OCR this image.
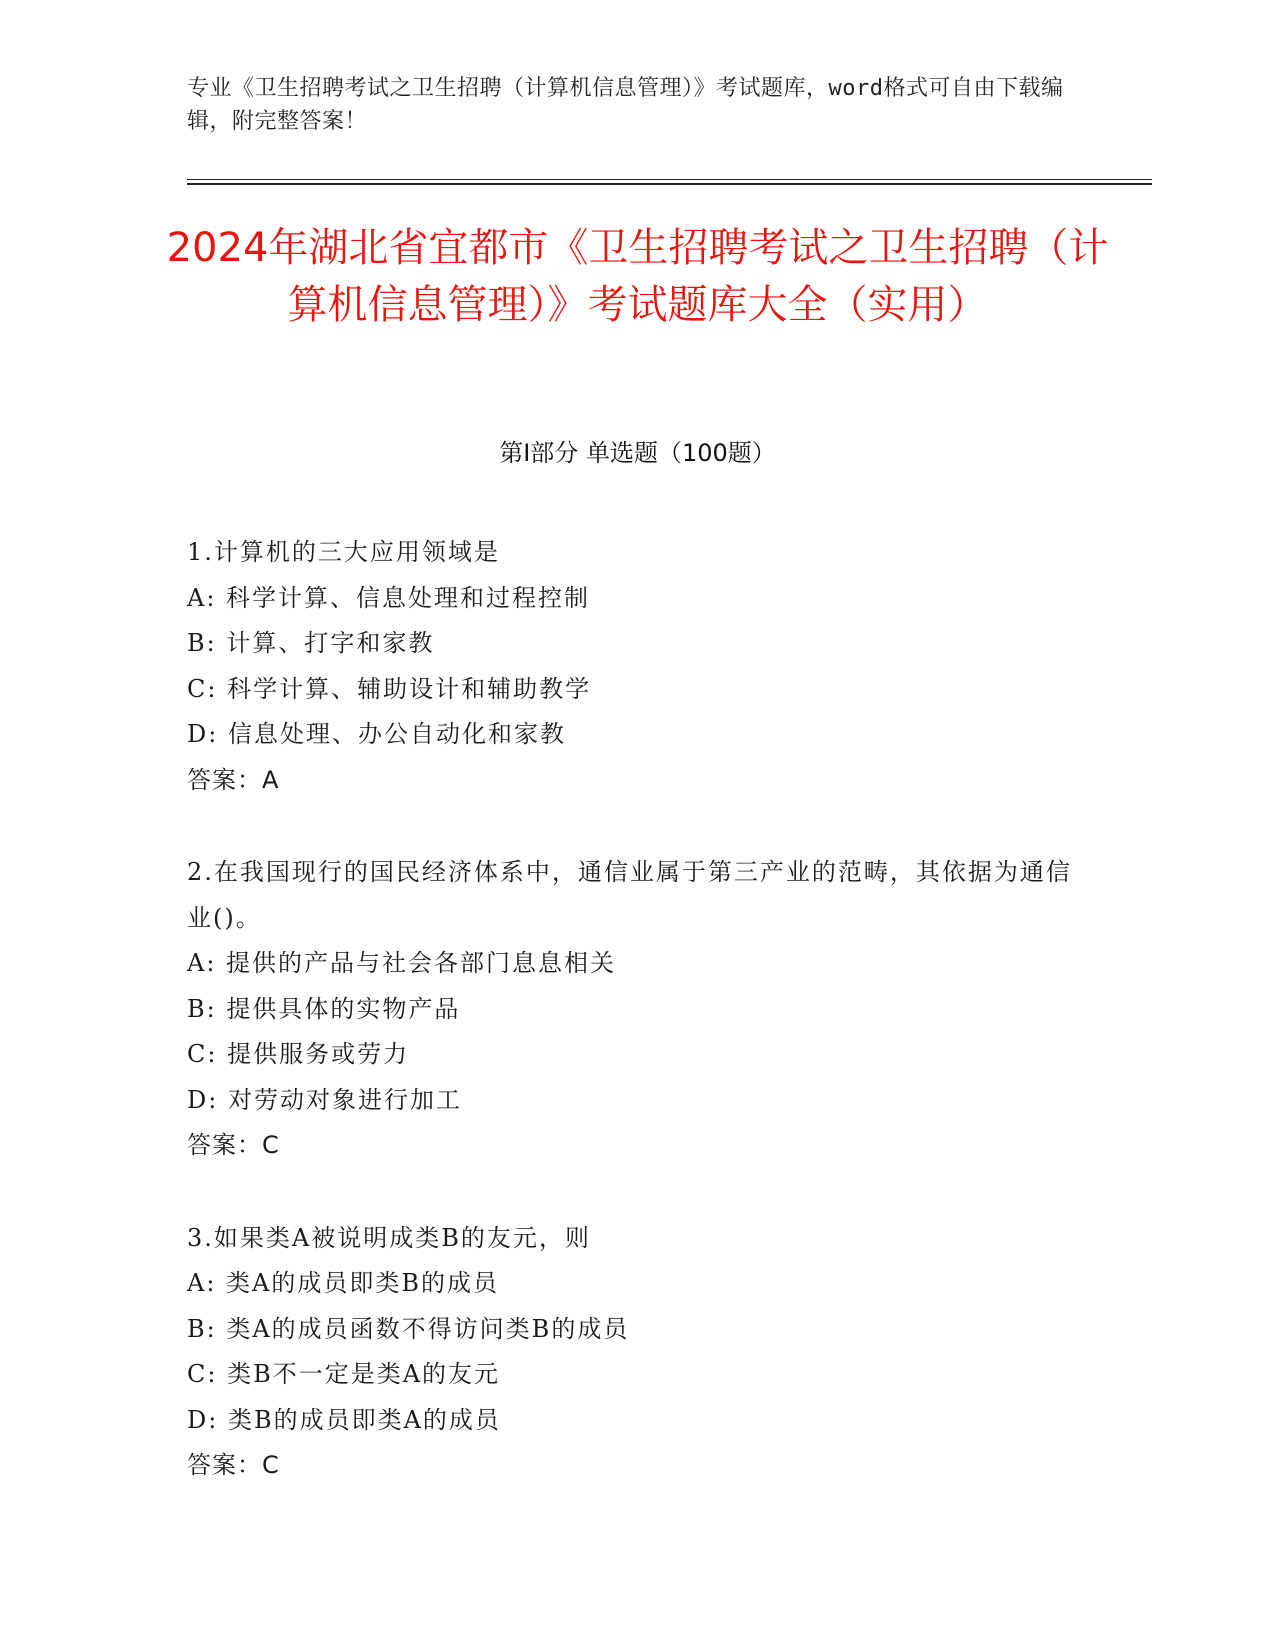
专业《卫生招聘考试之卫生招聘（计算机信息管理）》考试题库，word格式可自由下载编辑，附完整答案！
2024年湖北省宜都市《卫生招聘考试之卫生招聘（计算机信息管理）》考试题库大全（实用）
第I部分 单选题（100题）
1.计算机的三大应用领域是
A: 科学计算、信息处理和过程控制
B: 计算、打字和家教
C: 科学计算、辅助设计和辅助教学
D: 信息处理、办公自动化和家教
答案：A
2.在我国现行的国民经济体系中，通信业属于第三产业的范畴，其依据为通信业()。
A: 提供的产品与社会各部门息息相关
B: 提供具体的实物产品
C: 提供服务或劳力
D: 对劳动对象进行加工
答案：C
3.如果类A被说明成类B的友元，则
A: 类A的成员即类B的成员
B: 类A的成员函数不得访问类B的成员
C: 类B不一定是类A的友元
D: 类B的成员即类A的成员
答案：C
